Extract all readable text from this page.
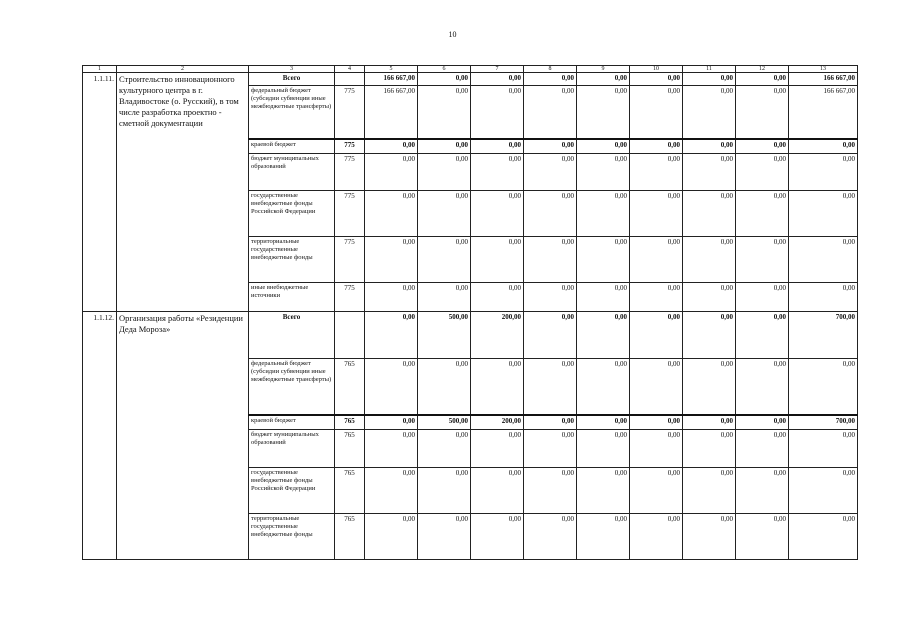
10
1	2	3	4	5	6	7	8	9	10	11	12	13
1.1.11.	Строительство инновационного культурного центра в г. Владивостоке (о. Русский), в том числе разработка проектно - сметной документации	Всего		166 667,00	0,00	0,00	0,00	0,00	0,00	0,00	0,00	166 667,00
		федеральный бюджет (субсидии субвенции иные межбюджетные трансферты)	775	166 667,00	0,00	0,00	0,00	0,00	0,00	0,00	0,00	166 667,00
		краевой бюджет	775	0,00	0,00	0,00	0,00	0,00	0,00	0,00	0,00	0,00
		бюджет муниципальных образований	775	0,00	0,00	0,00	0,00	0,00	0,00	0,00	0,00	0,00
		государственные внебюджетные фонды Российской Федерации	775	0,00	0,00	0,00	0,00	0,00	0,00	0,00	0,00	0,00
		территориальные государственные внебюджетные фонды	775	0,00	0,00	0,00	0,00	0,00	0,00	0,00	0,00	0,00
		иные внебюджетные источники	775	0,00	0,00	0,00	0,00	0,00	0,00	0,00	0,00	0,00
1.1.12.	Организация работы «Резиденции Деда Мороза»	Всего		0,00	500,00	200,00	0,00	0,00	0,00	0,00	0,00	700,00
		федеральный бюджет (субсидии субвенции иные межбюджетные трансферты)	765	0,00	0,00	0,00	0,00	0,00	0,00	0,00	0,00	0,00
		краевой бюджет	765	0,00	500,00	200,00	0,00	0,00	0,00	0,00	0,00	700,00
		бюджет муниципальных образований	765	0,00	0,00	0,00	0,00	0,00	0,00	0,00	0,00	0,00
		государственные внебюджетные фонды Российской Федерации	765	0,00	0,00	0,00	0,00	0,00	0,00	0,00	0,00	0,00
		территориальные государственные внебюджетные фонды	765	0,00	0,00	0,00	0,00	0,00	0,00	0,00	0,00	0,00
